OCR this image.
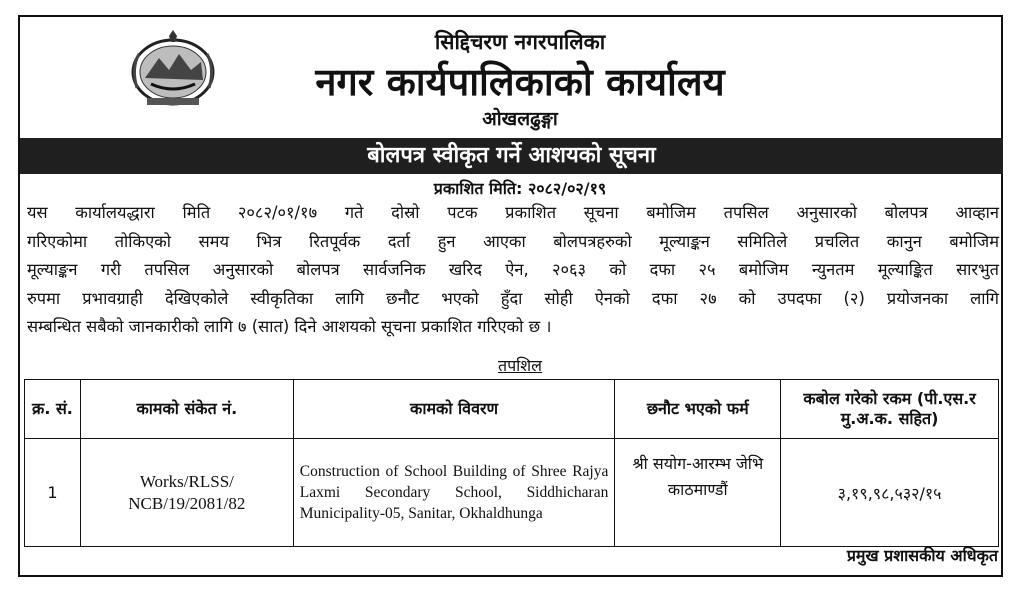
सिद्दिचरण नगरपालिका
नगर कार्यपालिकाको कार्यालय
ओखलढुङ्गा
बोलपत्र स्वीकृत गर्ने आशयको सूचना
प्रकाशित मिति: २०८२/०२/१९
यस कार्यालयद्धारा मिति २०८२/०१/१७ गते दोस्रो पटक प्रकाशित सूचना बमोजिम तपसिल अनुसारको बोलपत्र आव्हान
गरिएकोमा तोकिएको समय भित्र रितपूर्वक दर्ता हुन आएका बोलपत्रहरुको मूल्याङ्कन समितिले प्रचलित कानुन बमोजिम
मूल्याङ्कन गरी तपसिल अनुसारको बोलपत्र सार्वजनिक खरिद ऐन, २०६३ को दफा २५ बमोजिम न्युनतम मूल्याङ्कित सारभुत
रुपमा प्रभावग्राही देखिएकोले स्वीकृतिका लागि छनौट भएको हुँदा सोही ऐनको दफा २७ को उपदफा (२) प्रयोजनका लागि
सम्बन्धित सबैको जानकारीको लागि ७ (सात) दिने आशयको सूचना प्रकाशित गरिएको छ ।
तपशिल
क्र. सं.	कामको संकेत नं.	कामको विवरण	छनौट भएको फर्म	कबोल गरेको रकम (पी.एस.र मु.अ.क. सहित)
1	Works/RLSS/ NCB/19/2081/82	Construction of School Building of Shree Rajya Laxmi Secondary School, Siddhicharan Municipality-05, Sanitar, Okhaldhunga	श्री सयोग-आरम्भ जेभि काठमाण्डौं	३,१९,९८,५३२/१५
प्रमुख प्रशासकीय अधिकृत
